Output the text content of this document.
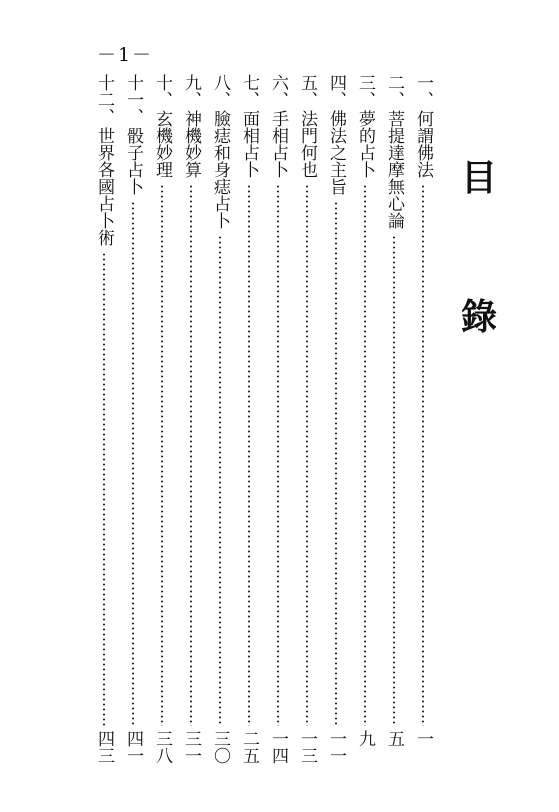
－1－
目
錄
一、
何謂佛法
一
二、
菩提達摩無心論
五
三、
夢的占卜
九
四、
佛法之主旨
一一
五、
法門何也
一三
六、
手相占卜
一四
七、
面相占卜
二五
八、
臉痣和身痣占卜
三〇
九、
神機妙算
三一
十、
玄機妙理
三八
十一、
骰子占卜
四一
十二、
世界各國占卜術
四三
